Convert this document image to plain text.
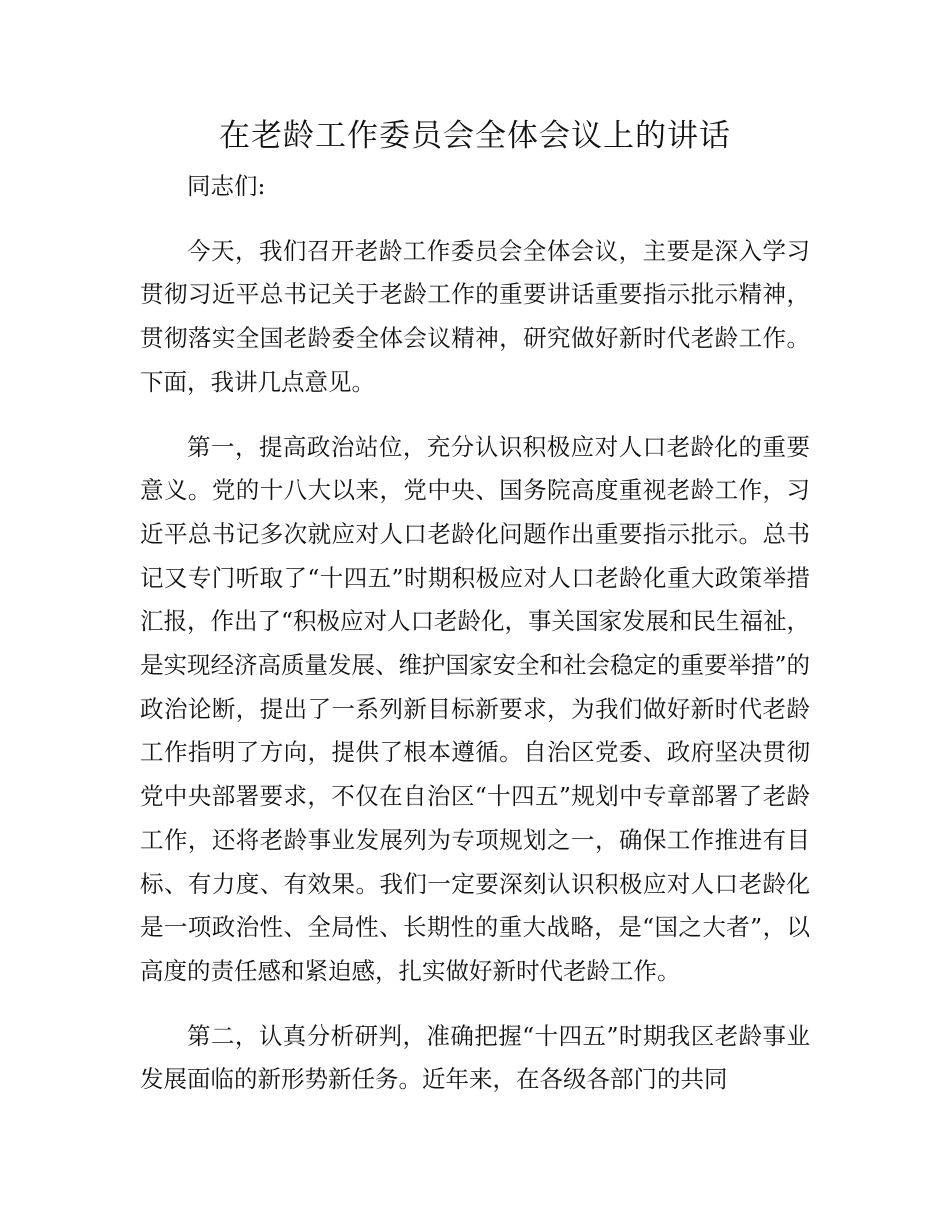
在老龄工作委员会全体会议上的讲话

同志们:

今天，我们召开老龄工作委员会全体会议，主要是深入学习贯彻习近平总书记关于老龄工作的重要讲话重要指示批示精神，贯彻落实全国老龄委全体会议精神，研究做好新时代老龄工作。下面，我讲几点意见。

第一，提高政治站位，充分认识积极应对人口老龄化的重要意义。党的十八大以来，党中央、国务院高度重视老龄工作，习近平总书记多次就应对人口老龄化问题作出重要指示批示。总书记又专门听取了“十四五”时期积极应对人口老龄化重大政策举措汇报，作出了“积极应对人口老龄化，事关国家发展和民生福祉，是实现经济高质量发展、维护国家安全和社会稳定的重要举措”的政治论断，提出了一系列新目标新要求，为我们做好新时代老龄工作指明了方向，提供了根本遵循。自治区党委、政府坚决贯彻党中央部署要求，不仅在自治区“十四五”规划中专章部署了老龄工作，还将老龄事业发展列为专项规划之一，确保工作推进有目标、有力度、有效果。我们一定要深刻认识积极应对人口老龄化是一项政治性、全局性、长期性的重大战略，是“国之大者”，以高度的责任感和紧迫感，扎实做好新时代老龄工作。

第二，认真分析研判，准确把握“十四五”时期我区老龄事业发展面临的新形势新任务。近年来，在各级各部门的共同
